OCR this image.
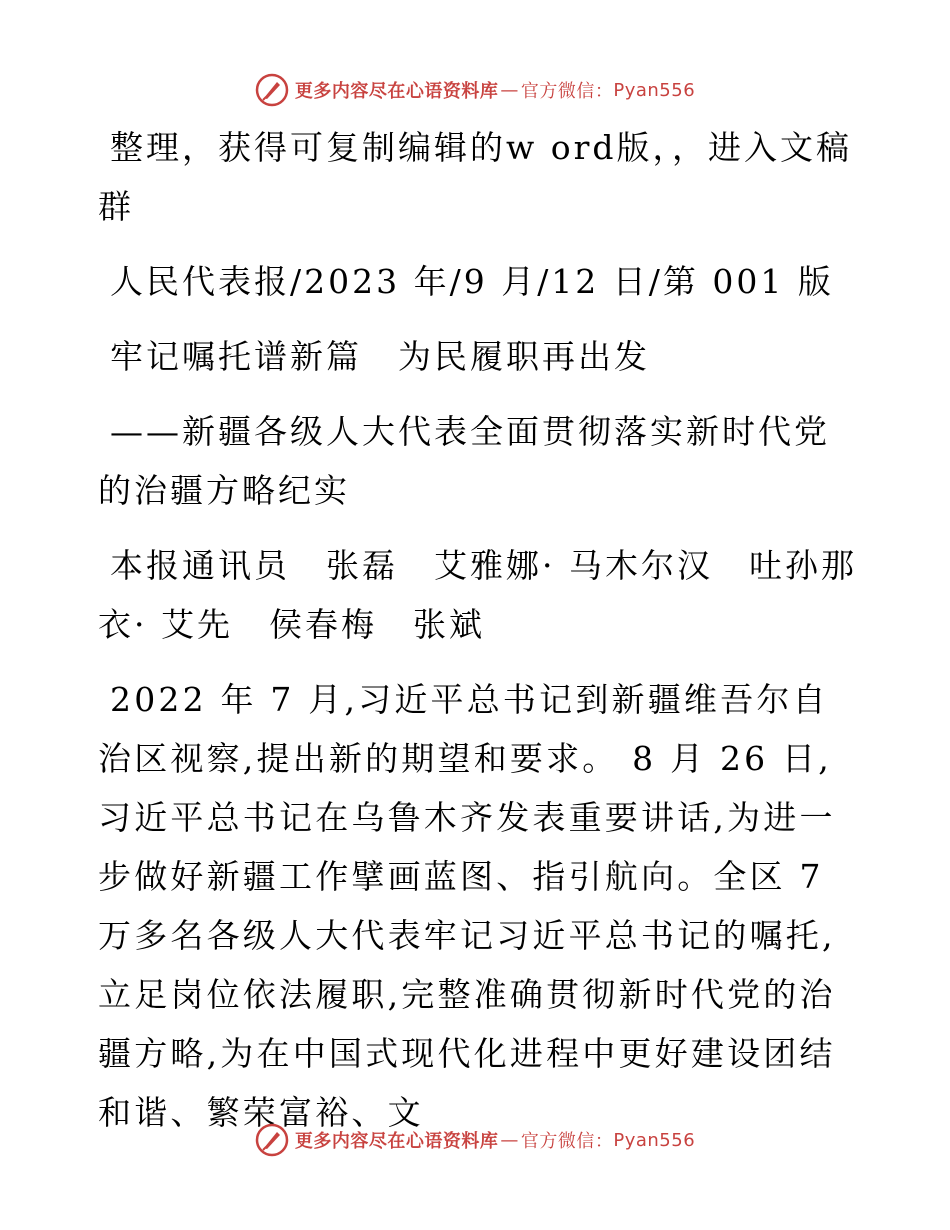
更多内容尽在心语资料库 — 官方微信： Pyan556

整理，获得可复制编辑的w ord版，，进入文稿群

人民代表报/2023 年/9 月/12 日/第 001 版

牢记嘱托谱新篇　为民履职再出发

——新疆各级人大代表全面贯彻落实新时代党的治疆方略纪实

本报通讯员　张磊　艾雅娜· 马木尔汉　吐孙那衣· 艾先　侯春梅　张斌

2022 年 7 月,习近平总书记到新疆维吾尔自治区视察,提出新的期望和要求。 8 月 26 日,习近平总书记在乌鲁木齐发表重要讲话,为进一步做好新疆工作擘画蓝图、指引航向。全区 7 万多名各级人大代表牢记习近平总书记的嘱托,立足岗位依法履职,完整准确贯彻新时代党的治疆方略,为在中国式现代化进程中更好建设团结和谐、繁荣富裕、文

更多内容尽在心语资料库 — 官方微信： Pyan556
